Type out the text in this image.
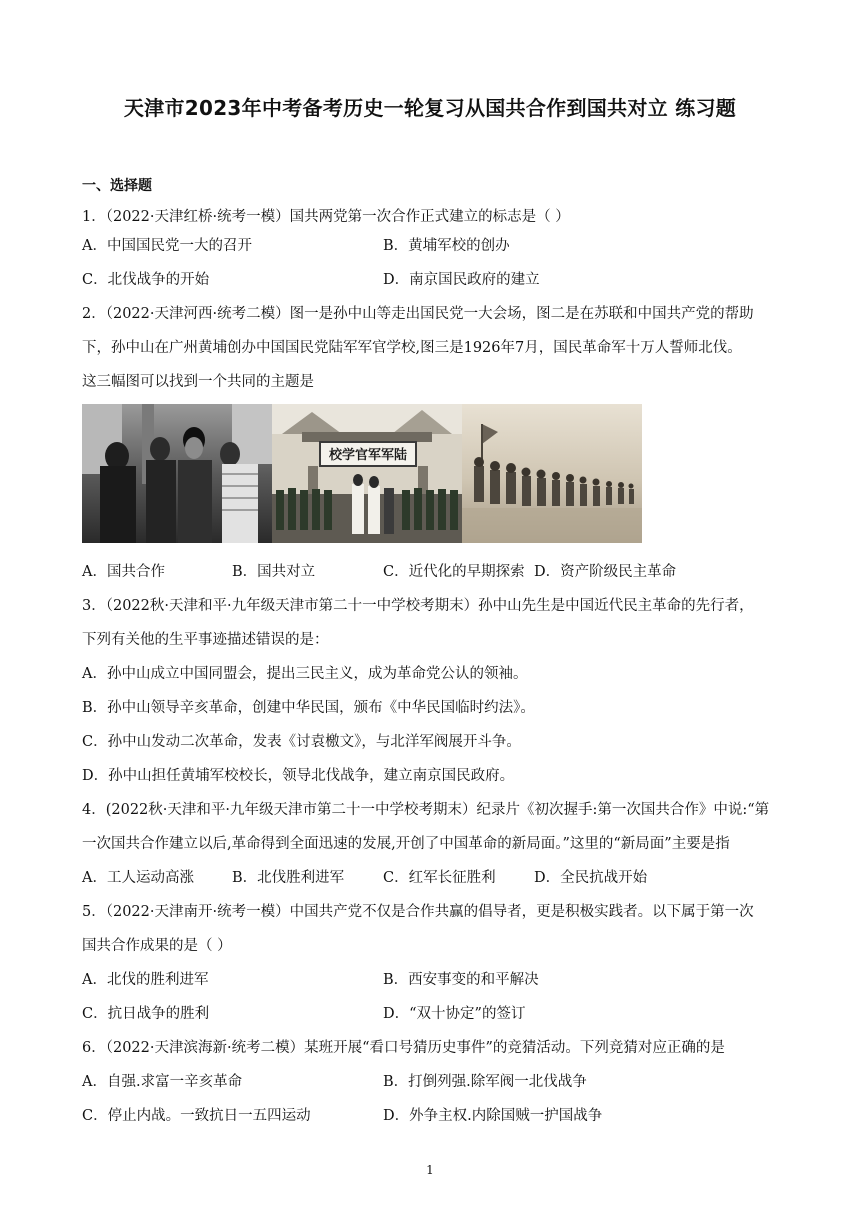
天津市2023年中考备考历史一轮复习从国共合作到国共对立 练习题
一、选择题
1．（2022·天津红桥·统考一模）国共两党第一次合作正式建立的标志是（ ）
A．中国国民党一大的召开	B．黄埔军校的创办
C．北伐战争的开始	D．南京国民政府的建立
2．（2022·天津河西·统考二模）图一是孙中山等走出国民党一大会场，图二是在苏联和中国共产党的帮助
下，孙中山在广州黄埔创办中国国民党陆军军官学校,图三是1926年7月，国民革命军十万人誓师北伐。
这三幅图可以找到一个共同的主题是
校学官军军陆
A．国共合作	B．国共对立	C．近代化的早期探索 D．资产阶级民主革命
3．（2022秋·天津和平·九年级天津市第二十一中学校考期末）孙中山先生是中国近代民主革命的先行者，
下列有关他的生平事迹描述错误的是：
A．孙中山成立中国同盟会，提出三民主义，成为革命党公认的领袖。
B．孙中山领导辛亥革命，创建中华民国，颁布《中华民国临时约法》。
C．孙中山发动二次革命，发表《讨袁檄文》，与北洋军阀展开斗争。
D．孙中山担任黄埔军校校长，领导北伐战争，建立南京国民政府。
4．(2022秋·天津和平·九年级天津市第二十一中学校考期末）纪录片《初次握手:第一次国共合作》中说:“第
一次国共合作建立以后,革命得到全面迅速的发展,开创了中国革命的新局面。”这里的“新局面”主要是指
A．工人运动高涨	B．北伐胜利进军	C．红军长征胜利	D．全民抗战开始
5．（2022·天津南开·统考一模）中国共产党不仅是合作共赢的倡导者，更是积极实践者。以下属于第一次
国共合作成果的是（ ）
A．北伐的胜利进军	B．西安事变的和平解决
C．抗日战争的胜利	D．“双十协定”的签订
6．（2022·天津滨海新·统考二模）某班开展“看口号猜历史事件”的竞猜活动。下列竞猜对应正确的是
A．自强.求富一辛亥革命	B．打倒列强.除军阀一北伐战争
C．停止内战。一致抗日一五四运动	D．外争主权.内除国贼一护国战争
1
